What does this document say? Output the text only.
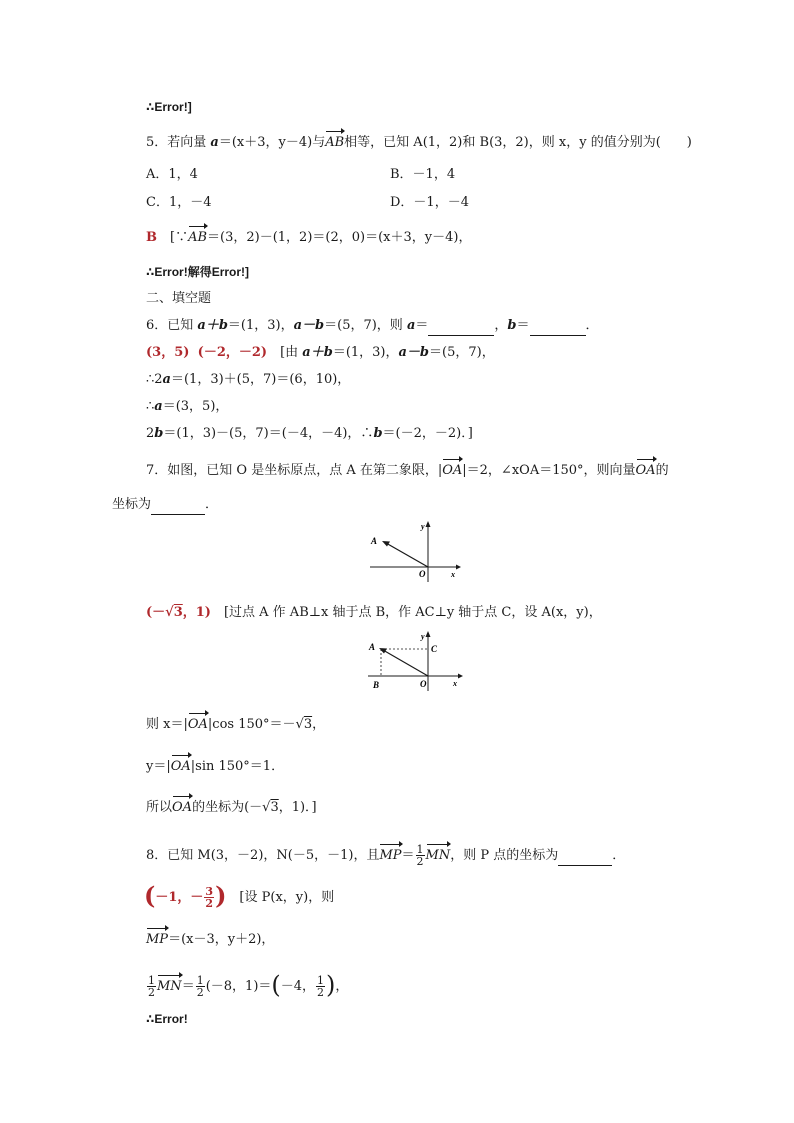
∴Error!]
5．若向量 a＝(x＋3，y－4)与AB相等，已知 A(1，2)和 B(3，2)，则 x，y 的值分别为(　　)
A．1，4	B．－1，4
C．1，－4	D．－1，－4
B　[∵AB＝(3，2)－(1，2)＝(2，0)＝(x＋3，y－4)，
∴Error!解得Error!]
二、填空题
6．已知 a＋b＝(1，3)，a－b＝(5，7)，则 a＝	，b＝	．
(3，5) (－2，－2)　[由 a＋b＝(1，3)，a－b＝(5，7)，
∴2a＝(1，3)＋(5，7)＝(6，10)，
∴a＝(3，5)，
2b＝(1，3)－(5，7)＝(－4，－4)，∴b＝(－2，－2)．]
7．如图，已知 O 是坐标原点，点 A 在第二象限，|OA|＝2，∠xOA＝150°，则向量OA的
坐标为	．
A
O	x
y
(－√3，1)　[过点 A 作 AB⊥x 轴于点 B，作 AC⊥y 轴于点 C，设 A(x，y)，
A
B
C
O	x
y
则 x＝|OA|cos 150°＝－√3，
y＝|OA|sin 150°＝1．
所以OA的坐标为(－√3，1)．]
8．已知 M(3，－2)，N(－5，－1)，且$MP= \frac{1}{2}$ MN，则 P 点的坐标为	．
(－1，－ $\frac{3}{2}$ )　[设 P(x，y)，则
MP＝(x－3，y＋2)，
$\frac{1}{2} MN= \frac{1}{2} (-8$，1)＝(－4， $\frac{1}{2}$ )，
∴Error!
